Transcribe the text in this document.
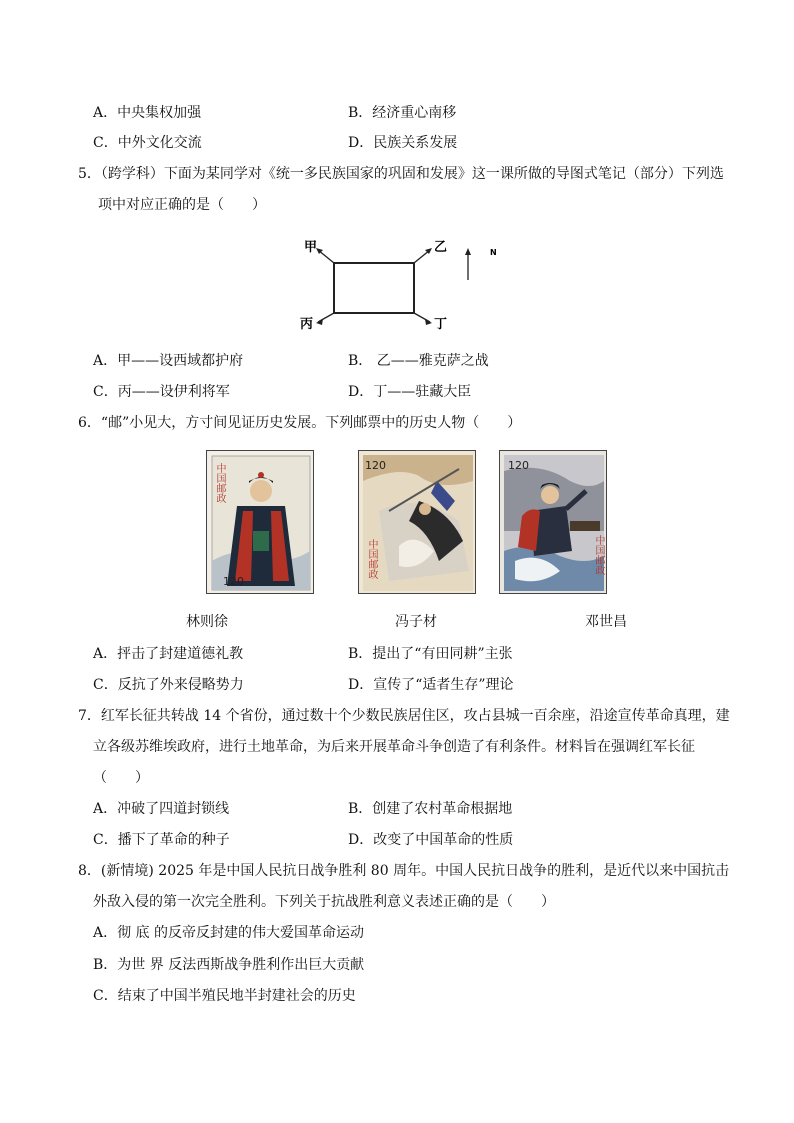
A．中央集权加强	B．经济重心南移
C．中外文化交流	D．民族关系发展
5．（跨学科）下面为某同学对《统一多民族国家的巩固和发展》这一课所做的导图式笔记（部分）下列选
项中对应正确的是（　　）
甲	乙
丙	丁
N
A．甲——设西域都护府	B． 乙——雅克萨之战
C．丙——设伊利将军	D．丁——驻藏大臣
6．“邮”小见大，方寸间见证历史发展。下列邮票中的历史人物（　　）
中国邮政
120
120
中国邮政
120
中国邮政
林则徐	冯子材	邓世昌
A．抨击了封建道德礼教	B．提出了“有田同耕”主张
C．反抗了外来侵略势力	D．宣传了“适者生存”理论
7．红军长征共转战 14 个省份，通过数十个少数民族居住区，攻占县城一百余座，沿途宣传革命真理，建
立各级苏维埃政府，进行土地革命，为后来开展革命斗争创造了有利条件。材料旨在强调红军长征
（　　）
A．冲破了四道封锁线	B．创建了农村革命根据地
C．播下了革命的种子	D．改变了中国革命的性质
8．(新情境) 2025 年是中国人民抗日战争胜利 80 周年。中国人民抗日战争的胜利，是近代以来中国抗击
外敌入侵的第一次完全胜利。下列关于抗战胜利意义表述正确的是（　　）
A．彻 底 的反帝反封建的伟大爱国革命运动
B．为世 界 反法西斯战争胜利作出巨大贡献
C．结束了中国半殖民地半封建社会的历史
